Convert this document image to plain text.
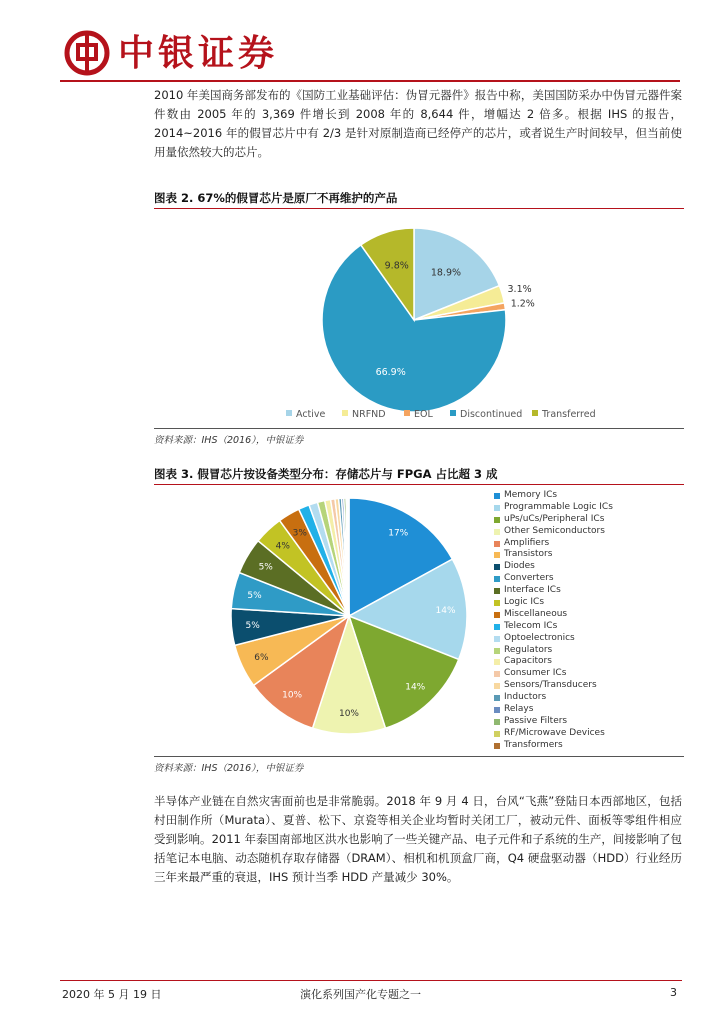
中银证券
2010 年美国商务部发布的《国防工业基础评估：伪冒元器件》报告中称，美国国防采办中伪冒元器件案件数由 2005 年的 3,369 件增长到 2008 年的 8,644 件，增幅达 2 倍多。根据 IHS 的报告，2014~2016 年的假冒芯片中有 2/3 是针对原制造商已经停产的芯片，或者说生产时间较早，但当前使用量依然较大的芯片。
图表 2. 67%的假冒芯片是原厂不再维护的产品
18.9%
3.1%
1.2%
66.9%
9.8%
Active	NRFND	EOL	Discontinued Transferred
资料来源：IHS（2016），中银证券
图表 3. 假冒芯片按设备类型分布：存储芯片与 FPGA 占比超 3 成
17%
14%
14%
10%
10%
6%
5%
5%
5%
4%
3%
Memory ICs
Programmable Logic ICs
uPs/uCs/Peripheral ICs
Other Semiconductors
Amplifiers
Transistors
Diodes
Converters
Interface ICs
Logic ICs
Miscellaneous
Telecom ICs
Optoelectronics
Regulators
Capacitors
Consumer ICs
Sensors/Transducers
Inductors
Relays
Passive Filters
RF/Microwave Devices
Transformers
资料来源：IHS（2016），中银证券
半导体产业链在自然灾害面前也是非常脆弱。2018 年 9 月 4 日，台风“飞燕”登陆日本西部地区，包括村田制作所（Murata）、夏普、松下、京瓷等相关企业均暂时关闭工厂，被动元件、面板等零组件相应受到影响。2011 年泰国南部地区洪水也影响了一些关键产品、电子元件和子系统的生产，间接影响了包括笔记本电脑、动态随机存取存储器（DRAM）、相机和机顶盒厂商，Q4 硬盘驱动器（HDD）行业经历三年来最严重的衰退，IHS 预计当季 HDD 产量减少 30%。
2020 年 5 月 19 日	演化系列国产化专题之一	3
